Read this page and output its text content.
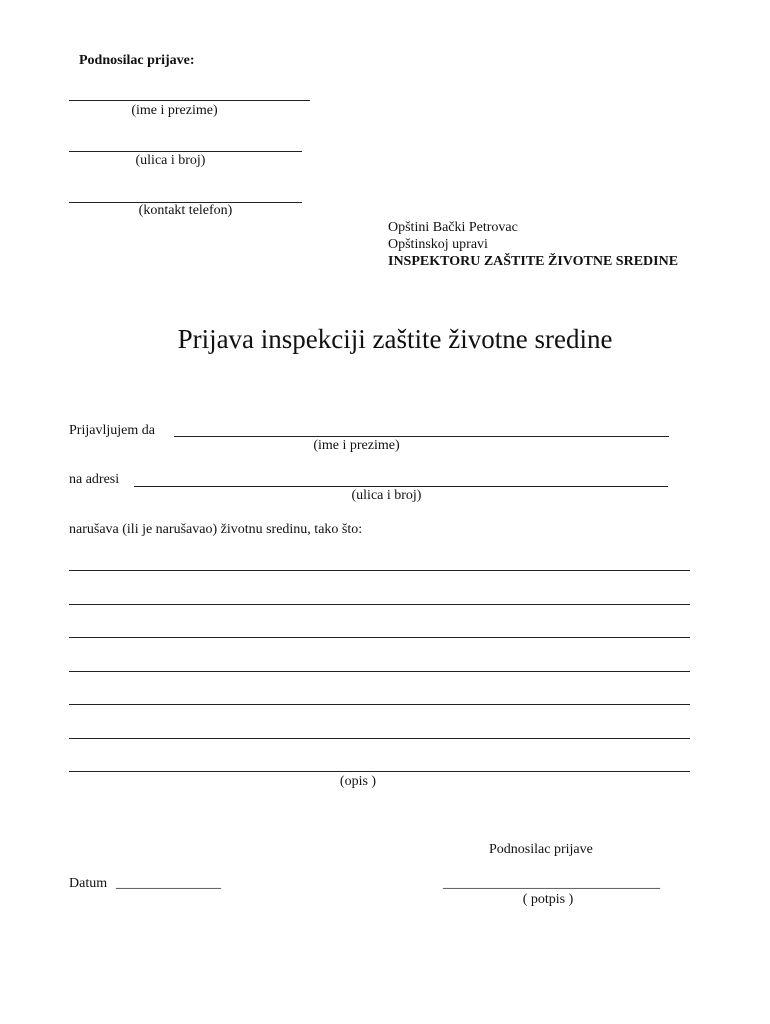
Podnosilac prijave:
(ime i prezime)
(ulica i broj)
(kontakt telefon)
Opštini Bački Petrovac
Opštinskoj upravi
INSPEKTORU ZAŠTITE ŽIVOTNE SREDINE
Prijava inspekciji zaštite životne sredine
Prijavljujem da
(ime i prezime)
na adresi
(ulica i broj)
narušava (ili je narušavao) životnu sredinu, tako što:
(opis )
Podnosilac prijave
Datum _______________	_______________________________
( potpis )
